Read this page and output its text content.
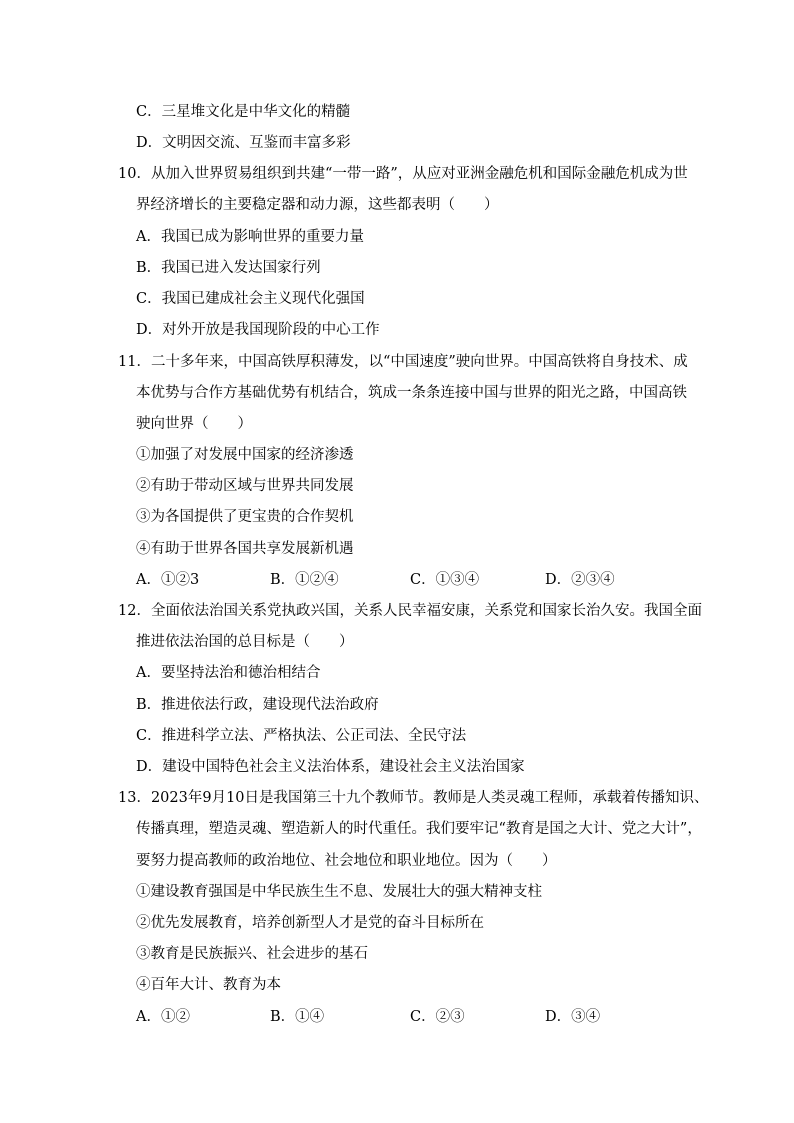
C．三星堆文化是中华文化的精髓
D．文明因交流、互鉴而丰富多彩
10．从加入世界贸易组织到共建“一带一路”，从应对亚洲金融危机和国际金融危机成为世
界经济增长的主要稳定器和动力源，这些都表明（　　）
A．我国已成为影响世界的重要力量
B．我国已进入发达国家行列
C．我国已建成社会主义现代化强国
D．对外开放是我国现阶段的中心工作
11．二十多年来，中国高铁厚积薄发，以“中国速度”驶向世界。中国高铁将自身技术、成
本优势与合作方基础优势有机结合，筑成一条条连接中国与世界的阳光之路，中国高铁
驶向世界（　　）
①加强了对发展中国家的经济渗透
②有助于带动区域与世界共同发展
③为各国提供了更宝贵的合作契机
④有助于世界各国共享发展新机遇
A．①②3	B．①②④	C．①③④	D．②③④
12．全面依法治国关系党执政兴国，关系人民幸福安康，关系党和国家长治久安。我国全面
推进依法治国的总目标是（　　）
A．要坚持法治和德治相结合
B．推进依法行政，建设现代法治政府
C．推进科学立法、严格执法、公正司法、全民守法
D．建设中国特色社会主义法治体系，建设社会主义法治国家
13．2023年9月10日是我国第三十九个教师节。教师是人类灵魂工程师，承载着传播知识、
传播真理，塑造灵魂、塑造新人的时代重任。我们要牢记“教育是国之大计、党之大计”，
要努力提高教师的政治地位、社会地位和职业地位。因为（　　）
①建设教育强国是中华民族生生不息、发展壮大的强大精神支柱
②优先发展教育，培养创新型人才是党的奋斗目标所在
③教育是民族振兴、社会进步的基石
④百年大计、教育为本
A．①②	B．①④	C．②③	D．③④
